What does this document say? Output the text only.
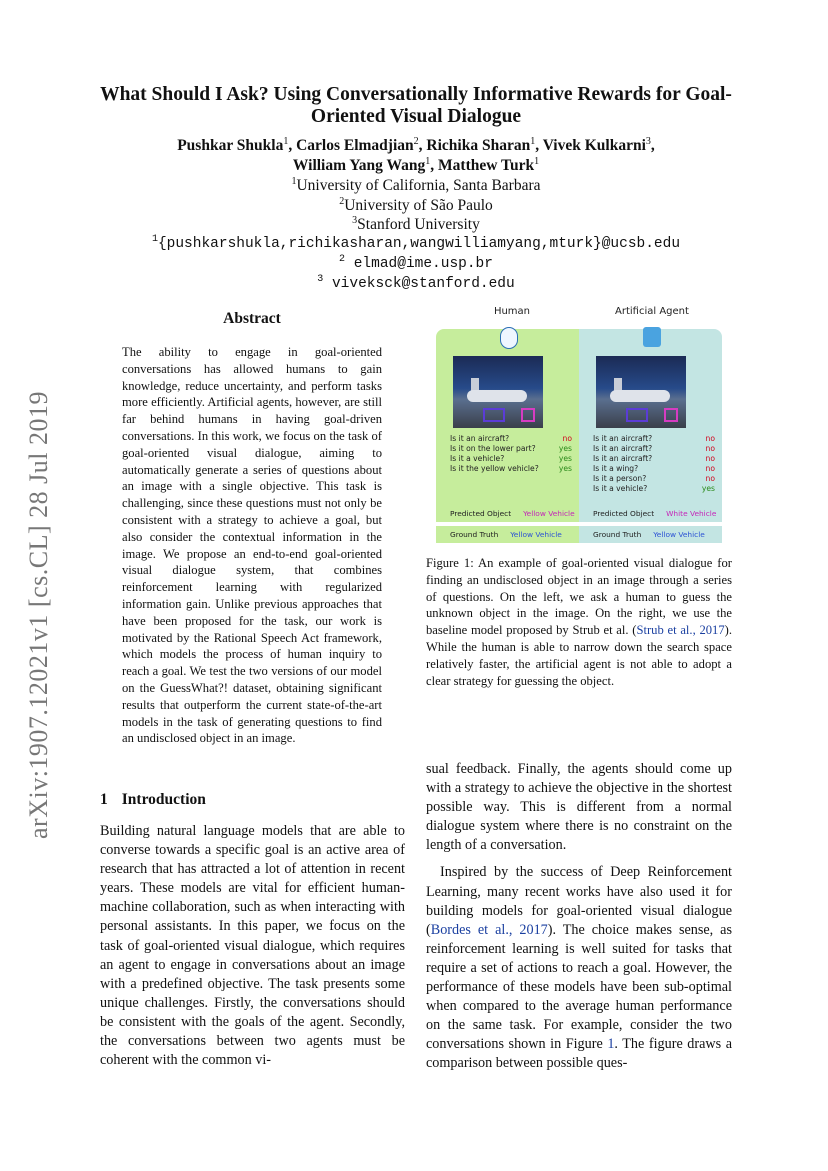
arXiv:1907.12021v1 [cs.CL] 28 Jul 2019
What Should I Ask? Using Conversationally Informative Rewards for Goal-Oriented Visual Dialogue
Pushkar Shukla$^1$, Carlos Elmadjian$^2$, Richika Sharan$^1$, Vivek Kulkarni$^3$,
William Yang Wang$^1$, Matthew Turk$^1$
$^1$University of California, Santa Barbara
$^2$University of São Paulo
$^3$Stanford University
$^1${pushkarshukla,richikasharan,wangwilliamyang,mturk}@ucsb.edu
$^2$ elmad@ime.usp.br
$^3$ viveksck@stanford.edu
Abstract
The ability to engage in goal-oriented conversations has allowed humans to gain knowledge, reduce uncertainty, and perform tasks more efficiently. Artificial agents, however, are still far behind humans in having goal-driven conversations. In this work, we focus on the task of goal-oriented visual dialogue, aiming to automatically generate a series of questions about an image with a single objective. This task is challenging, since these questions must not only be consistent with a strategy to achieve a goal, but also consider the contextual information in the image. We propose an end-to-end goal-oriented visual dialogue system, that combines reinforcement learning with regularized information gain. Unlike previous approaches that have been proposed for the task, our work is motivated by the Rational Speech Act framework, which models the process of human inquiry to reach a goal. We test the two versions of our model on the GuessWhat?! dataset, obtaining significant results that outperform the current state-of-the-art models in the task of generating questions to find an undisclosed object in an image.
1 Introduction
Building natural language models that are able to converse towards a specific goal is an active area of research that has attracted a lot of attention in recent years. These models are vital for efficient human-machine collaboration, such as when interacting with personal assistants. In this paper, we focus on the task of goal-oriented visual dialogue, which requires an agent to engage in conversations about an image with a predefined objective. The task presents some unique challenges. Firstly, the conversations should be consistent with the goals of the agent. Secondly, the conversations between two agents must be coherent with the common vi-

sual feedback. Finally, the agents should come up with a strategy to achieve the objective in the shortest possible way. This is different from a normal dialogue system where there is no constraint on the length of a conversation.

Inspired by the success of Deep Reinforcement Learning, many recent works have also used it for building models for goal-oriented visual dialogue (Bordes et al., 2017). The choice makes sense, as reinforcement learning is well suited for tasks that require a set of actions to reach a goal. However, the performance of these models have been sub-optimal when compared to the average human performance on the same task. For example, consider the two conversations shown in Figure 1. The figure draws a comparison between possible ques-

Human	Artificial Agent
Is it an aircraft?	no
Is it on the lower part?	yes
Is it a vehicle?	yes
Is it the yellow vehicle?	yes
Is it an aircraft?	no
Is it an aircraft?	no
Is it an aircraft?	no
Is it a wing?	no
Is it a person?	no
Is it a vehicle?	yes
Predicted Object Yellow Vehicle Predicted Object White Vehicle
Ground Truth Yellow Vehicle	Ground Truth Yellow Vehicle
Figure 1: An example of goal-oriented visual dialogue for finding an undisclosed object in an image through a series of questions. On the left, we ask a human to guess the unknown object in the image. On the right, we use the baseline model proposed by Strub et al. (Strub et al., 2017). While the human is able to narrow down the search space relatively faster, the artificial agent is not able to adopt a clear strategy for guessing the object.
